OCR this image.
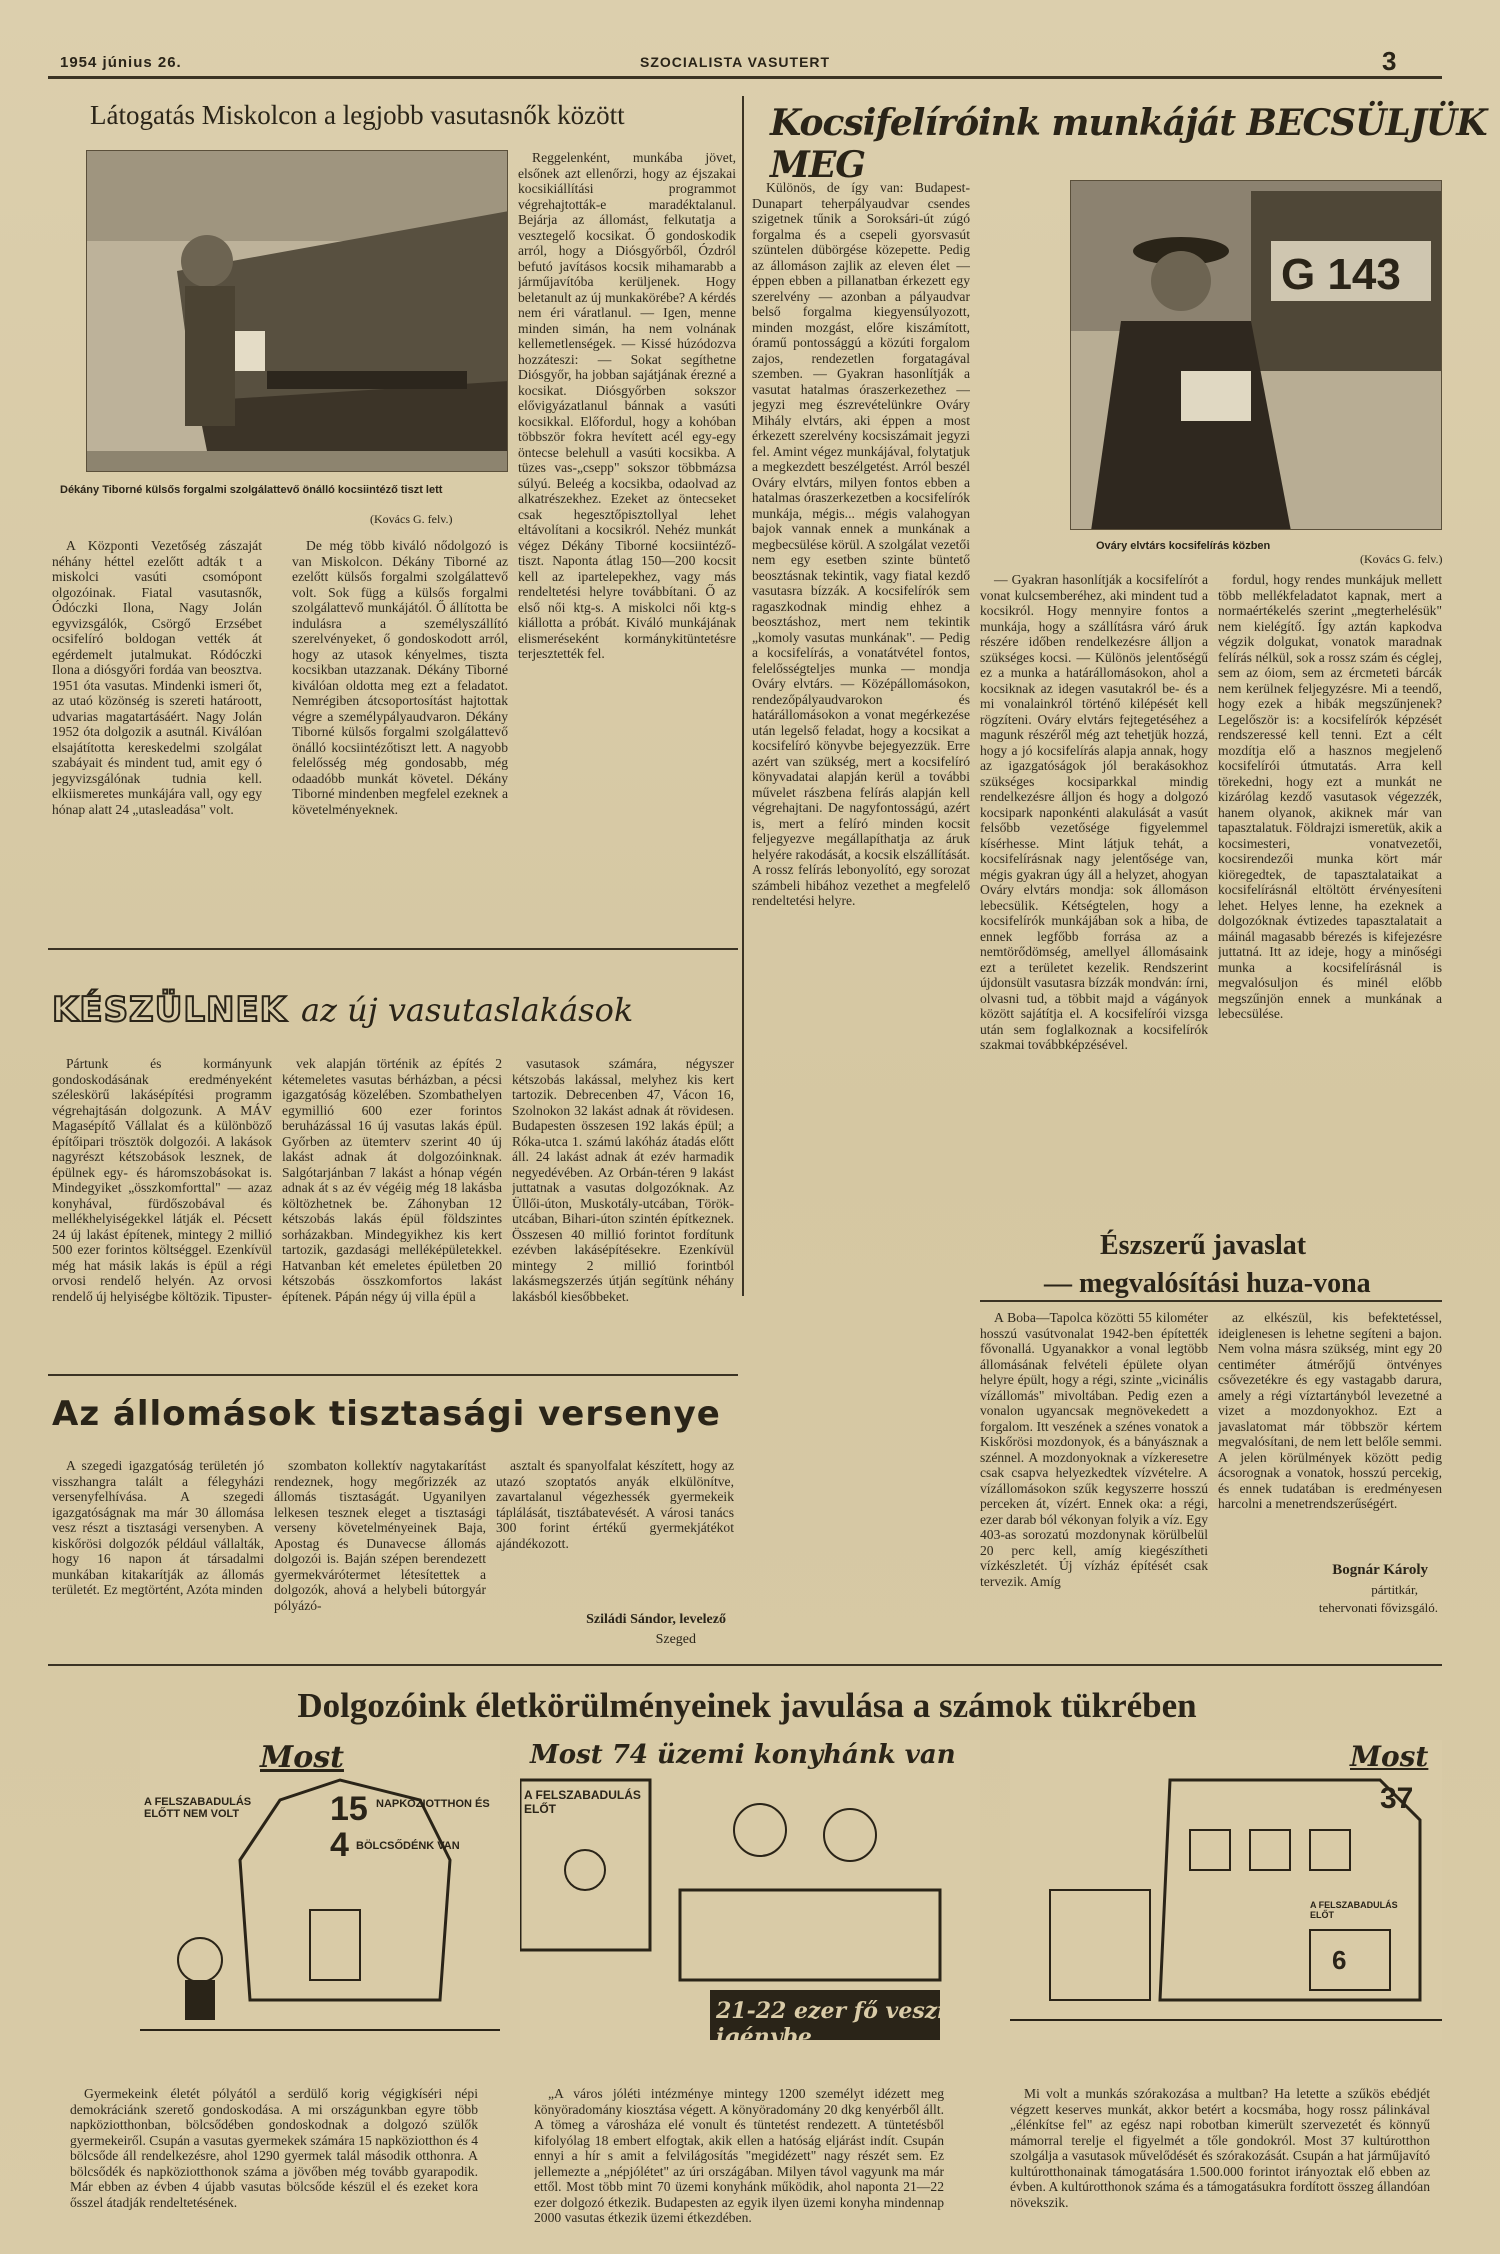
1954 június 26.	SZOCIALISTA VASUTERT	3
Látogatás Miskolcon a legjobb vasutasnők között
Dékány Tiborné külsős forgalmi szolgálattevő önálló kocsiintéző tiszt lett
(Kovács G. felv.)

A Központi Vezetőség zászaját néhány héttel ezelőtt adták t a miskolci vasúti csomópont olgozóinak. Fiatal vasutasnők, Ódóczki Ilona, Nagy Jolán egyvizsgálók, Csörgő Erzsébet ocsifelíró boldogan vették át egérdemelt jutalmukat. Ródóczki Ilona a diósgyőri fordáa van beosztva. 1951 óta vasutas. Mindenki ismeri őt, az utaó közönség is szereti határoott, udvarias magatartásáért. Nagy Jolán 1952 óta dolgozik a asutnál. Kiválóan elsajátította kereskedelmi szolgálat szabáyait és mindent tud, amit egy ó jegyvizsgálónak tudnia kell. elkiismeretes munkájára vall, ogy egy hónap alatt 24 „utasleadása" volt.

De még több kiváló nődolgozó is van Miskolcon. Dékány Tiborné az ezelőtt külsős forgalmi szolgálattevő volt. Sok függ a külsős forgalmi szolgálattevő munkájától. Ő állította be indulásra a személyszállító szerelvényeket, ő gondoskodott arról, hogy az utasok kényelmes, tiszta kocsikban utazzanak. Dékány Tiborné kiválóan oldotta meg ezt a feladatot. Nemrégiben átcsoportosítást hajtottak végre a személypályaudvaron. Dékány Tiborné külsős forgalmi szolgálattevő önálló kocsiintézőtiszt lett. A nagyobb felelősség még gondosabb, még odaadóbb munkát követel. Dékány Tiborné mindenben megfelel ezeknek a követelményeknek.

Reggelenként, munkába jövet, elsőnek azt ellenőrzi, hogy az éjszakai kocsikiállítási programmot végrehajtották-e maradéktalanul. Bejárja az állomást, felkutatja a vesztegelő kocsikat. Ő gondoskodik arról, hogy a Diósgyőrből, Ózdról befutó javításos kocsik mihamarabb a járműjavítóba kerüljenek. Hogy beletanult az új munkakörébe? A kérdés nem éri váratlanul. — Igen, menne minden simán, ha nem volnának kellemetlenségek. — Kissé húzódozva hozzáteszi: — Sokat segíthetne Diósgyőr, ha jobban sajátjának érezné a kocsikat. Diósgyőrben sokszor elővigyázatlanul bánnak a vasúti kocsikkal. Előfordul, hogy a kohóban többször fokra hevített acél egy-egy öntecse belehull a vasúti kocsikba. A tüzes vas-„csepp" sokszor többmázsa súlyú. Beleég a kocsikba, odaolvad az alkatrészekhez. Ezeket az öntecseket csak hegesztőpisztollyal lehet eltávolítani a kocsikról. Nehéz munkát végez Dékány Tiborné kocsiintéző-tiszt. Naponta átlag 150—200 kocsit kell az ipartelepekhez, vagy más rendeltetési helyre továbbítani. Ő az első női ktg-s. A miskolci női ktg-s kiállotta a próbát. Kiváló munkájának elismeréseként kormánykitüntetésre terjesztették fel.

Kocsifelíróink munkáját BECSÜLJÜK MEG
G 143
Ováry elvtárs kocsifelírás közben
(Kovács G. felv.)

Különös, de így van: Budapest-Dunapart teherpályaudvar csendes szigetnek tűnik a Soroksári-út zúgó forgalma és a csepeli gyorsvasút szüntelen dübörgése közepette. Pedig az állomáson zajlik az eleven élet — éppen ebben a pillanatban érkezett egy szerelvény — azonban a pályaudvar belső forgalma kiegyensúlyozott, minden mozgást, előre kiszámított, óramű pontossággú a közúti forgalom zajos, rendezetlen forgatagával szemben. — Gyakran hasonlítják a vasutat hatalmas óraszerkezethez — jegyzi meg észrevételünkre Ováry Mihály elvtárs, aki éppen a most érkezett szerelvény kocsiszámait jegyzi fel. Amint végez munkájával, folytatjuk a megkezdett beszélgetést. Arról beszél Ováry elvtárs, milyen fontos ebben a hatalmas óraszerkezetben a kocsifelírók munkája, mégis... mégis valahogyan bajok vannak ennek a munkának a megbecsülése körül. A szolgálat vezetői nem egy esetben szinte büntető beosztásnak tekintik, vagy fiatal kezdő vasutasra bízzák. A kocsifelírók sem ragaszkodnak mindig ehhez a beosztáshoz, mert nem tekintik „komoly vasutas munkának". — Pedig a kocsifelírás, a vonatátvétel fontos, felelősségteljes munka — mondja Ováry elvtárs. — Középállomásokon, rendezőpályaudvarokon és határállomásokon a vonat megérkezése után legelső feladat, hogy a kocsikat a kocsifelíró könyvbe bejegyezzük. Erre azért van szükség, mert a kocsifelíró könyvadatai alapján kerül a további művelet rászbena felírás alapján kell végrehajtani. De nagyfontosságú, azért is, mert a felíró minden kocsit feljegyezve megállapíthatja az áruk helyére rakodását, a kocsik elszállítását. A rossz felírás lebonyolító, egy sorozat számbeli hibához vezethet a megfelelő rendeltetési helyre.

— Gyakran hasonlítják a kocsifelírót a vonat kulcsemberéhez, aki mindent tud a kocsikról. Hogy mennyire fontos a munkája, hogy a szállításra váró áruk részére időben rendelkezésre álljon a szükséges kocsi. — Különös jelentőségű ez a munka a határállomásokon, ahol a kocsiknak az idegen vasutakról be- és a mi vonalainkról történő kilépését kell rögzíteni. Ováry elvtárs fejtegetéséhez a magunk részéről még azt tehetjük hozzá, hogy a jó kocsifelírás alapja annak, hogy az igazgatóságok jól berakásokhoz szükséges kocsiparkkal mindig rendelkezésre álljon és hogy a dolgozó kocsipark naponkénti alakulását a vasút felsőbb vezetősége figyelemmel kísérhesse. Mint látjuk tehát, a kocsifelírásnak nagy jelentősége van, mégis gyakran úgy áll a helyzet, ahogyan Ováry elvtárs mondja: sok állomáson lebecsülik. Kétségtelen, hogy a kocsifelírók munkájában sok a hiba, de ennek legfőbb forrása az a nemtörődömség, amellyel állomásaink ezt a területet kezelik. Rendszerint újdonsült vasutasra bízzák mondván: írni, olvasni tud, a többit majd a vágányok között sajátítja el. A kocsifelírói vizsga után sem foglalkoznak a kocsifelírók szakmai továbbképzésével.

fordul, hogy rendes munkájuk mellett több mellékfeladatot kapnak, mert a normaértékelés szerint „megterhelésük" nem kielégítő. Így aztán kapkodva végzik dolgukat, vonatok maradnak felírás nélkül, sok a rossz szám és céglej, sem az óiom, sem az ércmeteti bárcák nem kerülnek feljegyzésre. Mi a teendő, hogy ezek a hibák megszűnjenek? Legelőször is: a kocsifelírók képzését rendszeressé kell tenni. Ezt a célt mozdítja elő a hasznos megjelenő kocsifelírói útmutatás. Arra kell törekedni, hogy ezt a munkát ne kizárólag kezdő vasutasok végezzék, hanem olyanok, akiknek már van tapasztalatuk. Földrajzi ismeretük, akik a kocsimesteri, vonatvezetői, kocsirendezői munka kört már kiöregedtek, de tapasztalataikat a kocsifelírásnál eltöltött érvényesíteni lehet. Helyes lenne, ha ezeknek a dolgozóknak évtizedes tapasztalatait a máinál magasabb bérezés is kifejezésre juttatná. Itt az ideje, hogy a minőségi munka a kocsifelírásnál is megvalósuljon és minél előbb megszűnjön ennek a munkának a lebecsülése.

KÉSZÜLNEK az új vasutaslakások

Pártunk és kormányunk gondoskodásának eredményeként széleskörű lakásépítési programm végrehajtásán dolgozunk. A MÁV Magasépítő Vállalat és a különböző építőipari trösztök dolgozói. A lakások nagyrészt kétszobások lesznek, de épülnek egy- és háromszobásokat is. Mindegyiket „összkomforttal" — azaz konyhával, fürdőszobával és mellékhelyiségekkel látják el. Pécsett 24 új lakást építenek, mintegy 2 millió 500 ezer forintos költséggel. Ezenkívül még hat másik lakás is épül a régi orvosi rendelő helyén. Az orvosi rendelő új helyiségbe költözik. Tipuster-

vek alapján történik az építés 2 kétemeletes vasutas bérházban, a pécsi igazgatóság közelében. Szombathelyen egymillió 600 ezer forintos beruházással 16 új vasutas lakás épül. Győrben az ütemterv szerint 40 új lakást adnak át dolgozóinknak. Salgótarjánban 7 lakást a hónap végén adnak át s az év végéig még 18 lakásba költözhetnek be. Záhonyban 12 kétszobás lakás épül földszintes sorházakban. Mindegyikhez kis kert tartozik, gazdasági melléképületekkel. Hatvanban két emeletes épületben 20 kétszobás összkomfortos lakást építenek. Pápán négy új villa épül a

vasutasok számára, négyszer kétszobás lakással, melyhez kis kert tartozik. Debrecenben 47, Vácon 16, Szolnokon 32 lakást adnak át rövidesen. Budapesten összesen 192 lakás épül; a Róka-utca 1. számú lakóház átadás előtt áll. 24 lakást adnak át ezév harmadik negyedévében. Az Orbán-téren 9 lakást juttatnak a vasutas dolgozóknak. Az Üllői-úton, Muskotály-utcában, Török-utcában, Bihari-úton szintén építkeznek. Összesen 40 millió forintot fordítunk ezévben lakásépítésekre. Ezenkívül mintegy 2 millió forintból lakásmegszerzés útján segítünk néhány lakásból kiesőbbeket.

Az állomások tisztasági versenye

A szegedi igazgatóság területén jó visszhangra talált a félegyházi versenyfelhívása. A szegedi igazgatóságnak ma már 30 állomása vesz részt a tisztasági versenyben. A kiskőrösi dolgozók például vállalták, hogy 16 napon át társadalmi munkában kitakarítják az állomás területét. Ez megtörtént, Azóta minden

szombaton kollektív nagytakarítást rendeznek, hogy megőrizzék az állomás tisztaságát. Ugyanilyen lelkesen tesznek eleget a tisztasági verseny követelményeinek Baja, Apostag és Dunavecse állomás dolgozói is. Baján szépen berendezett gyermekvárótermet létesítettek a dolgozók, ahová a helybeli bútorgyár pólyázó-

asztalt és spanyolfalat készített, hogy az utazó szoptatós anyák elkülönítve, zavartalanul végezhessék gyermekeik táplálását, tisztábatevését. A városi tanács 300 forint értékű gyermekjátékot ajándékozott.

Sziládi Sándor, levelező
Szeged
Észszerű javaslat
— megvalósítási huza-vona

A Boba—Tapolca közötti 55 kilométer hosszú vasútvonalat 1942-ben építették fővonallá. Ugyanakkor a vonal legtöbb állomásának felvételi épülete olyan helyre épült, hogy a régi, szinte „vicinális vízállomás" mivoltában. Pedig ezen a vonalon ugyancsak megnövekedett a forgalom. Itt veszének a szénes vonatok a Kiskőrösi mozdonyok, és a bányásznak a szénnel. A mozdonyoknak a vízkeresetre csak csapva helyezkedtek vízvételre. A vízállomásokon szűk kegyszerre hosszú perceken át, vízért. Ennek oka: a régi, ezer darab ból vékonyan folyik a víz. Egy 403-as sorozatú mozdonynak körülbelül 20 perc kell, amíg kiegészítheti vízkészletét. Új vízház építését csak tervezik. Amíg

az elkészül, kis befektetéssel, ideiglenesen is lehetne segíteni a bajon. Nem volna másra szükség, mint egy 20 centiméter átmérőjű öntvényes csővezetékre és egy vastagabb darura, amely a régi víztartányból levezetné a vizet a mozdonyokhoz. Ezt a javaslatomat már többször kértem megvalósítani, de nem lett belőle semmi. A jelen körülmények között pedig ácsorognak a vonatok, hosszú percekig, és ennek tudatában is eredményesen harcolni a menetrendszerűségért.

Bognár Károly
pártitkár,
tehervonati fővizsgáló.
Dolgozóink életkörülményeinek javulása a számok tükrében
Most
A FELSZABADULÁS ELŐTT NEM VOLT	15 NAPKÖZIOTTHON ÉS
4 BÖLCSŐDÉNK VAN
Most 74 üzemi konyhánk van
A FELSZABADULÁS ELŐT
21-22 ezer fő veszi igénybe
Most
37
A FELSZABADULÁS ELŐT
6

Gyermekeink életét pólyától a serdülő korig végigkíséri népi demokráciánk szerető gondoskodása. A mi országunkban egyre több napköziotthonban, bölcsődében gondoskodnak a dolgozó szülők gyermekeiről. Csupán a vasutas gyermekek számára 15 napköziotthon és 4 bölcsőde áll rendelkezésre, ahol 1290 gyermek talál második otthonra. A bölcsődék és napköziotthonok száma a jövőben még tovább gyarapodik. Már ebben az évben 4 újabb vasutas bölcsőde készül el és ezeket kora ősszel átadják rendeltetésének.

„A város jóléti intézménye mintegy 1200 személyt idézett meg könyöradomány kiosztása végett. A könyöradomány 20 dkg kenyérből állt. A tömeg a városháza elé vonult és tüntetést rendezett. A tüntetésből kifolyólag 18 embert elfogtak, akik ellen a hatóság eljárást indít. Csupán ennyi a hír s amit a felvilágosítás "megidézett" nagy részét sem. Ez jellemezte a „népjólétet" az úri országában. Milyen távol vagyunk ma már ettől. Most több mint 70 üzemi konyhánk működik, ahol naponta 21—22 ezer dolgozó étkezik. Budapesten az egyik ilyen üzemi konyha mindennap 2000 vasutas étkezik üzemi étkezdében.

Mi volt a munkás szórakozása a multban? Ha letette a szűkös ebédjét végzett keserves munkát, akkor betért a kocsmába, hogy rossz pálinkával „élénkítse fel" az egész napi robotban kimerült szervezetét és könnyű mámorral terelje el figyelmét a tőle gondokról. Most 37 kultúrotthon szolgálja a vasutasok művelődését és szórakozását. Csupán a hat járműjavító kultúrotthonainak támogatására 1.500.000 forintot irányoztak elő ebben az évben. A kultúrotthonok száma és a támogatásukra fordított összeg állandóan növekszik.
